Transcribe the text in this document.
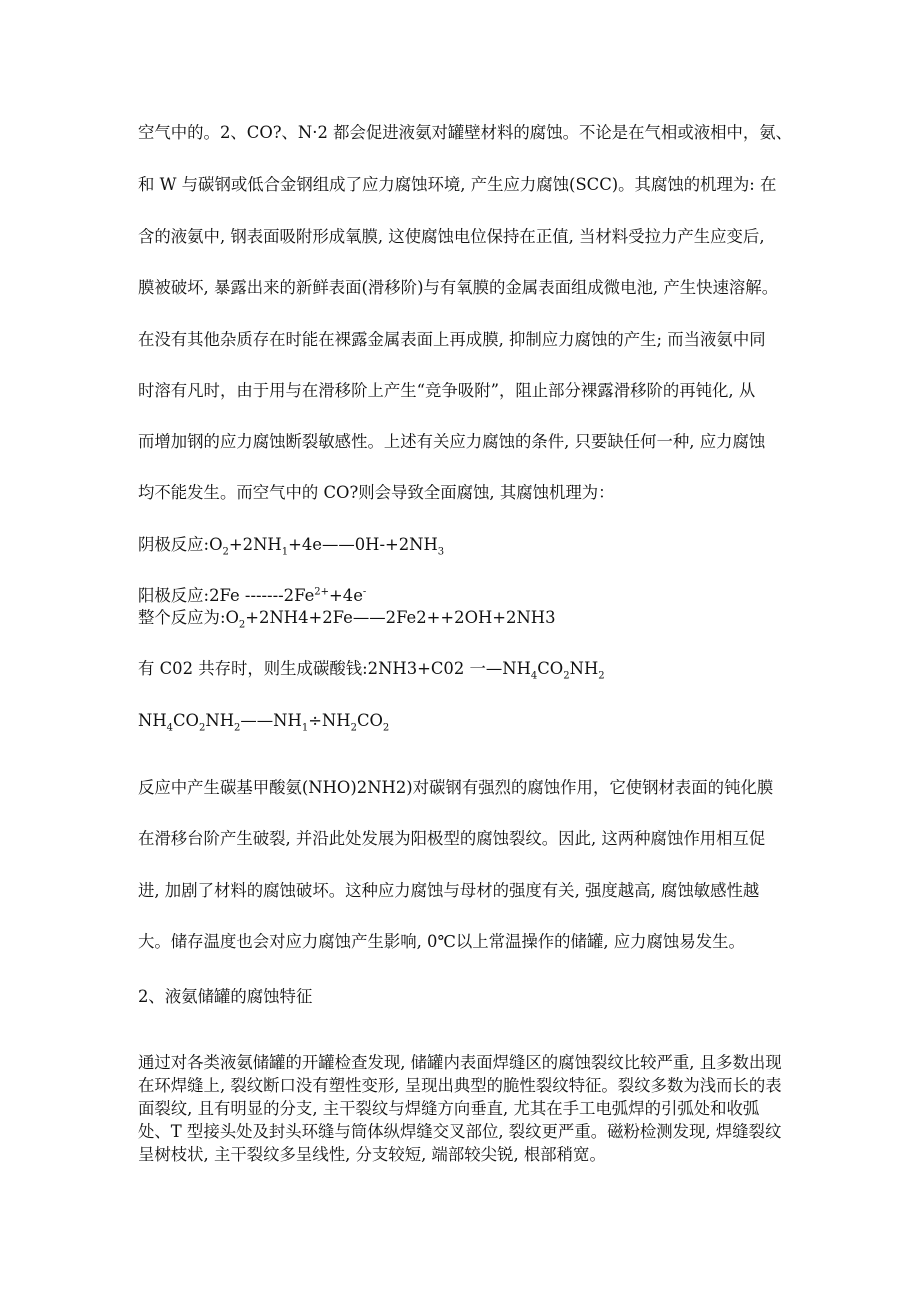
空气中的。2、CO?、N·2 都会促进液氨对罐壁材料的腐蚀。不论是在气相或液相中，氨、
和 W 与碳钢或低合金钢组成了应力腐蚀环境, 产生应力腐蚀(SCC)。其腐蚀的机理为: 在
含的液氨中, 钢表面吸附形成氧膜, 这使腐蚀电位保持在正值, 当材料受拉力产生应变后,
膜被破坏, 暴露出来的新鲜表面(滑移阶)与有氧膜的金属表面组成微电池, 产生快速溶解。
在没有其他杂质存在时能在裸露金属表面上再成膜, 抑制应力腐蚀的产生; 而当液氨中同
时溶有凡时，由于用与在滑移阶上产生“竞争吸附”，阻止部分裸露滑移阶的再钝化, 从
而增加钢的应力腐蚀断裂敏感性。上述有关应力腐蚀的条件, 只要缺任何一种, 应力腐蚀
均不能发生。而空气中的 CO?则会导致全面腐蚀, 其腐蚀机理为：
阴极反应$:O_2+2NH_1+4e——0H-+2NH_3$
阳极反应:2Fe $-------2Fe^{2+}+4e^-$
整个反应为$:O_2+2NH4+2Fe——2Fe2++2OH+2NH3$
有 C02 共存时，则生成碳酸钱:2NH3+C02 一$—NH_4CO_2NH_2$
$NH_4CO_2NH_2——NH_1\div NH_2CO_2$
反应中产生碳基甲酸氨(NHO)2NH2)对碳钢有强烈的腐蚀作用，它使钢材表面的钝化膜
在滑移台阶产生破裂, 并沿此处发展为阳极型的腐蚀裂纹。因此, 这两种腐蚀作用相互促
进, 加剧了材料的腐蚀破坏。这种应力腐蚀与母材的强度有关, 强度越高, 腐蚀敏感性越
大。储存温度也会对应力腐蚀产生影响, 0℃以上常温操作的储罐, 应力腐蚀易发生。
2、液氨储罐的腐蚀特征
通过对各类液氨储罐的开罐检查发现, 储罐内表面焊缝区的腐蚀裂纹比较严重, 且多数出现在环焊缝上, 裂纹断口没有塑性变形, 呈现出典型的脆性裂纹特征。裂纹多数为浅而长的表面裂纹, 且有明显的分支, 主干裂纹与焊缝方向垂直, 尤其在手工电弧焊的引弧处和收弧处、T 型接头处及封头环缝与筒体纵焊缝交叉部位, 裂纹更严重。磁粉检测发现, 焊缝裂纹呈树枝状, 主干裂纹多呈线性, 分支较短, 端部较尖锐, 根部稍宽。
